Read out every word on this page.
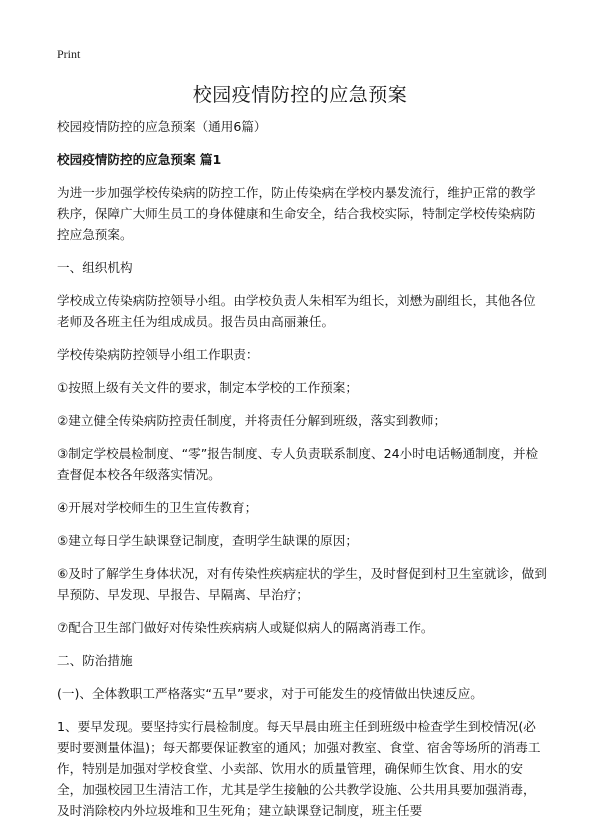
Print
校园疫情防控的应急预案

校园疫情防控的应急预案（通用6篇）

校园疫情防控的应急预案 篇1

为进一步加强学校传染病的防控工作，防止传染病在学校内暴发流行，维护正常的教学秩序，保障广大师生员工的身体健康和生命安全，结合我校实际，特制定学校传染病防控应急预案。

一、组织机构

学校成立传染病防控领导小组。由学校负责人朱相军为组长，刘懋为副组长，其他各位老师及各班主任为组成成员。报告员由高丽兼任。

学校传染病防控领导小组工作职责：

①按照上级有关文件的要求，制定本学校的工作预案；

②建立健全传染病防控责任制度，并将责任分解到班级，落实到教师；

③制定学校晨检制度、“零”报告制度、专人负责联系制度、24小时电话畅通制度，并检查督促本校各年级落实情况。

④开展对学校师生的卫生宣传教育；

⑤建立每日学生缺课登记制度，查明学生缺课的原因；

⑥及时了解学生身体状况，对有传染性疾病症状的学生，及时督促到村卫生室就诊，做到早预防、早发现、早报告、早隔离、早治疗；

⑦配合卫生部门做好对传染性疾病病人或疑似病人的隔离消毒工作。

二、防治措施

(一)、全体教职工严格落实“五早”要求，对于可能发生的疫情做出快速反应。

1、要早发现。要坚持实行晨检制度。每天早晨由班主任到班级中检查学生到校情况(必要时要测量体温)；每天都要保证教室的通风；加强对教室、食堂、宿舍等场所的消毒工作，特别是加强对学校食堂、小卖部、饮用水的质量管理，确保师生饮食、用水的安全，加强校园卫生清洁工作，尤其是学生接触的公共教学设施、公共用具要加强消毒，及时消除校内外垃圾堆和卫生死角；建立缺课登记制度，班主任要
